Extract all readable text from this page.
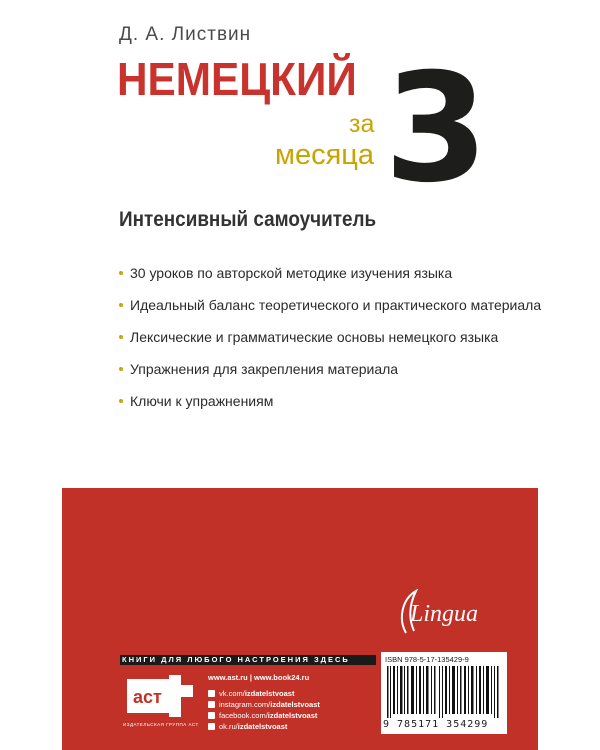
Д. А. Листвин
НЕМЕЦКИЙ
за
месяца 3
Интенсивный самоучитель
30 уроков по авторской методике изучения языка
Идеальный баланс теоретического и практического материала
Лексические и грамматические основы немецкого языка
Упражнения для закрепления материала
Ключи к упражнениям
Lingua
КНИГИ ДЛЯ ЛЮБОГО НАСТРОЕНИЯ ЗДЕСЬ
аст
ИЗДАТЕЛЬСКАЯ ГРУППА АСТ
www.ast.ru | www.book24.ru
vk.com/ izdatelstvoast
instagram.com/ izdatelstvoast
facebook.com/ izdatelstvoast
ok.ru/ izdatelstvoast
ISBN 978-5-17-135429-9
9 785171 354299
